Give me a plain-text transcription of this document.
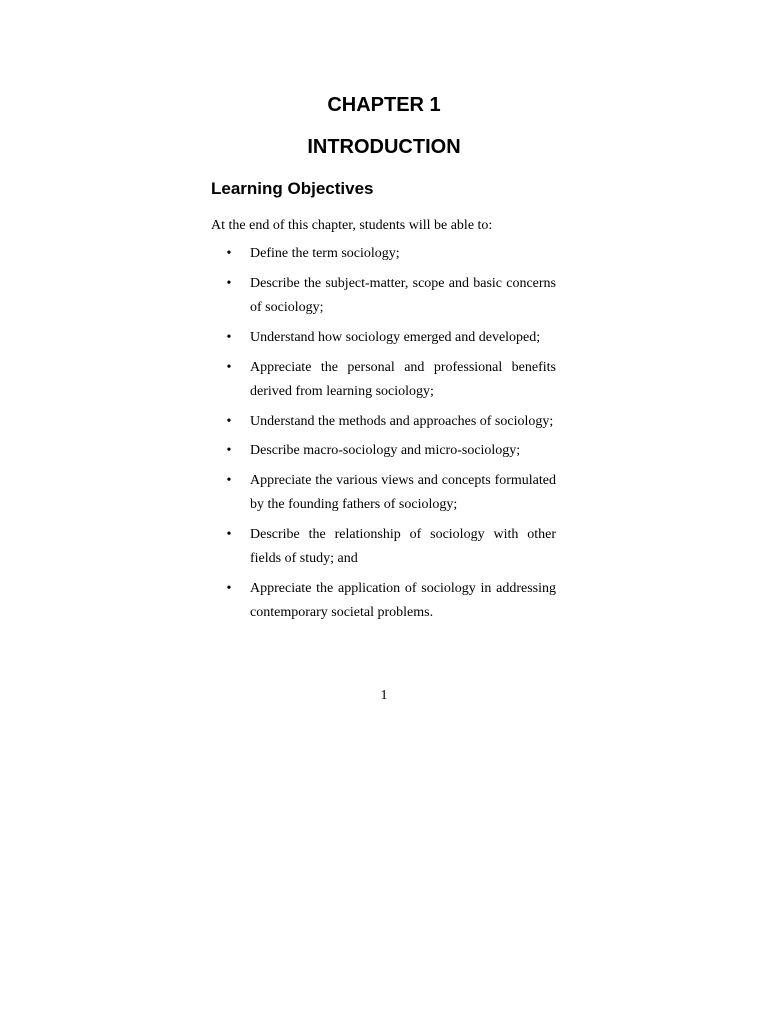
CHAPTER 1
INTRODUCTION
Learning Objectives

At the end of this chapter, students will be able to:

• Define the term sociology;
• Describe the subject-matter, scope and basic concerns of sociology;
• Understand how sociology emerged and developed;
• Appreciate the personal and professional benefits derived from learning sociology;
• Understand the methods and approaches of sociology;
• Describe macro-sociology and micro-sociology;
• Appreciate the various views and concepts formulated by the founding fathers of sociology;
• Describe the relationship of sociology with other fields of study; and
• Appreciate the application of sociology in addressing contemporary societal problems.
1
